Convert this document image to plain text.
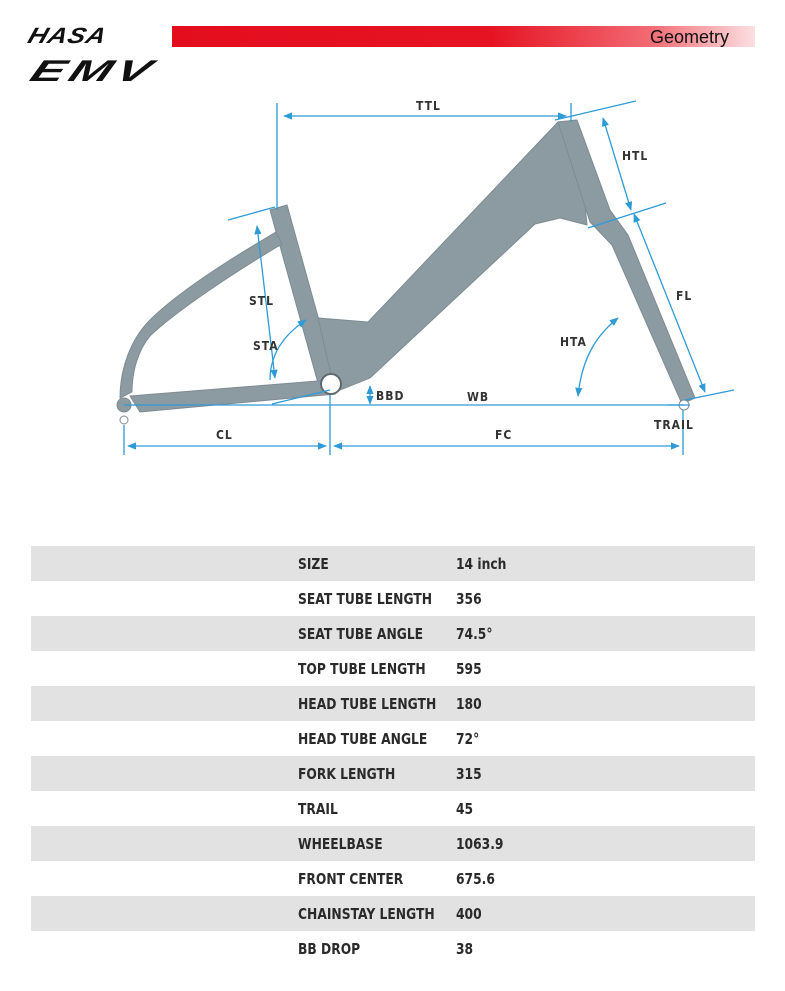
HASA	Geometry
EMV
TTL
HTL
FL
STL
STA	HTA
BBD	WB
TRAIL
CL	FC
SIZE	14 inch
SEAT TUBE LENGTH 356
SEAT TUBE ANGLE 74.5°
TOP TUBE LENGTH 595
HEAD TUBE LENGTH 180
HEAD TUBE ANGLE 72°
FORK LENGTH	315
TRAIL	45
WHEELBASE	1063.9
FRONT CENTER	675.6
CHAINSTAY LENGTH 400
BB DROP	38
